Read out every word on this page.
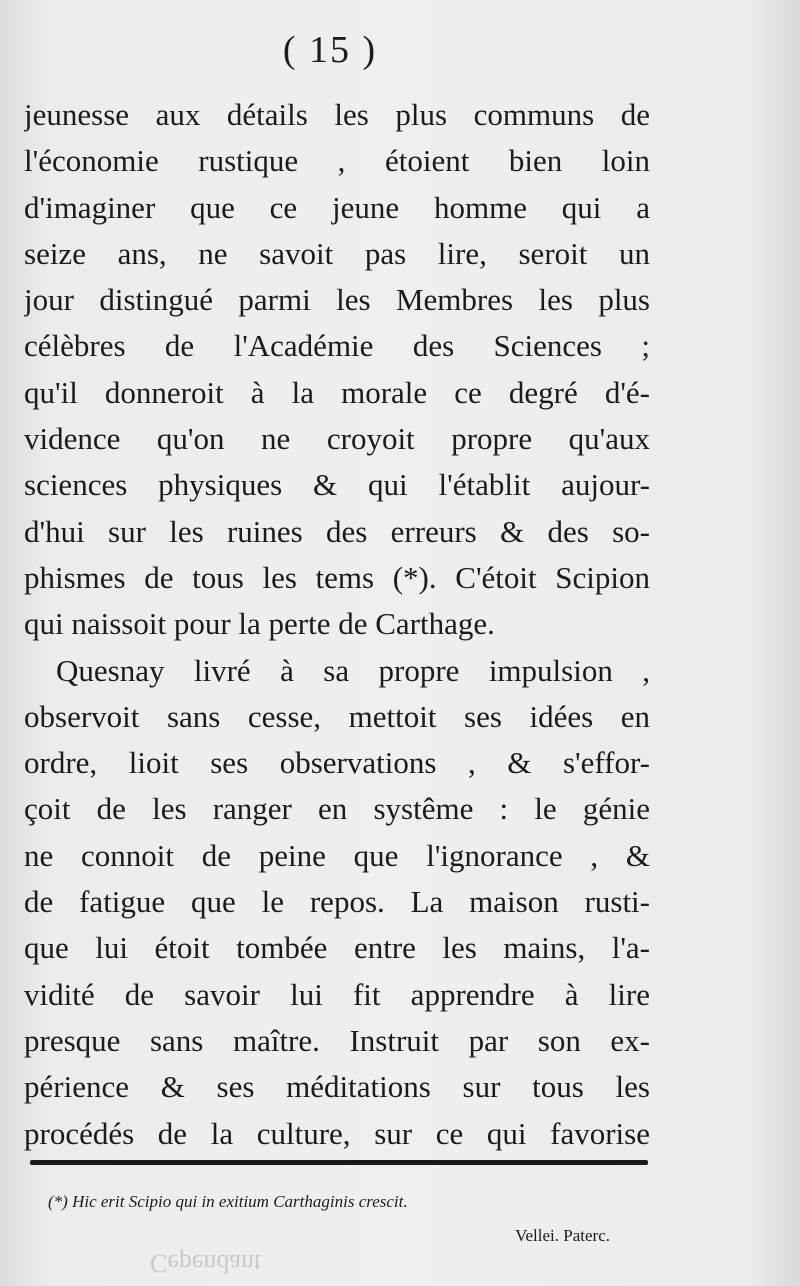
( 15 )
jeunesse aux détails les plus communs de
l'économie rustique , étoient bien loin
d'imaginer que ce jeune homme qui a
seize ans, ne savoit pas lire, seroit un
jour distingué parmi les Membres les plus
célèbres de l'Académie des Sciences ;
qu'il donneroit à la morale ce degré d'é-
vidence qu'on ne croyoit propre qu'aux
sciences physiques & qui l'établit aujour-
d'hui sur les ruines des erreurs & des so-
phismes de tous les tems (*). C'étoit Scipion
qui naissoit pour la perte de Carthage.
Quesnay livré à sa propre impulsion ,
observoit sans cesse, mettoit ses idées en
ordre, lioit ses observations , & s'effor-
çoit de les ranger en systême : le génie
ne connoit de peine que l'ignorance , &
de fatigue que le repos. La maison rusti-
que lui étoit tombée entre les mains, l'a-
vidité de savoir lui fit apprendre à lire
presque sans maître. Instruit par son ex-
périence & ses méditations sur tous les
procédés de la culture, sur ce qui favorise
(*) Hic erit Scipio qui in exitium Carthaginis crescit.
Vellei. Paterc.
Cependant
